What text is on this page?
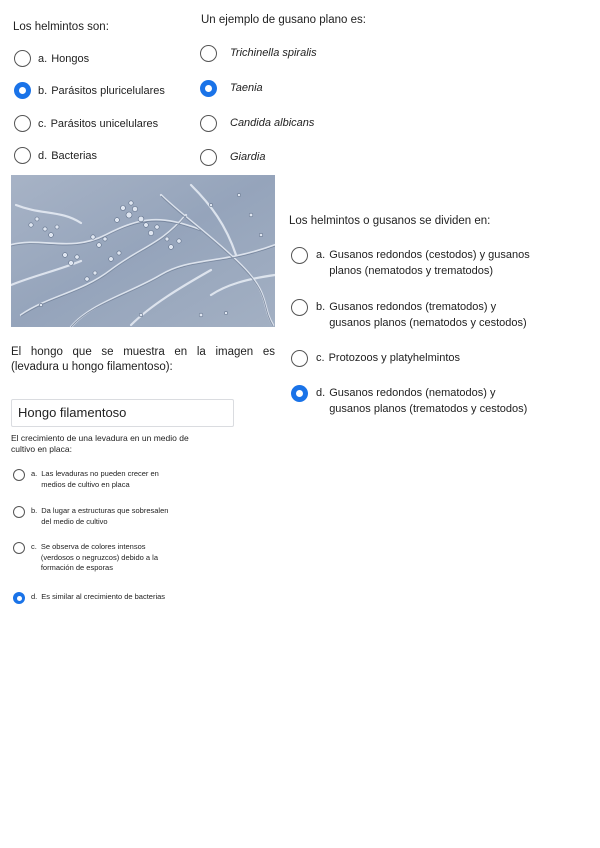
Los helmintos son:
a. Hongos
b. Parásitos pluricelulares
c. Parásitos unicelulares
d. Bacterias
Un ejemplo de gusano plano es:
Trichinella spiralis
Taenia
Candida albicans
Giardia
Los helmintos o gusanos se dividen en:
a. Gusanos redondos (cestodos) y gusanos
planos (nematodos y trematodos)
b. Gusanos redondos (trematodos) y
gusanos planos (nematodos y cestodos)
c. Protozoos y platyhelmintos
d. Gusanos redondos (nematodos) y
gusanos planos (trematodos y cestodos)
El hongo que se muestra en la imagen es
(levadura u hongo filamentoso):
Hongo filamentoso
El crecimiento de una levadura en un medio de
cultivo en placa:
a. Las levaduras no pueden crecer en
medios de cultivo en placa
b. Da lugar a estructuras que sobresalen
del medio de cultivo
c. Se observa de colores intensos
(verdosos o negruzcos) debido a la
formación de esporas
d. Es similar al crecimiento de bacterias
